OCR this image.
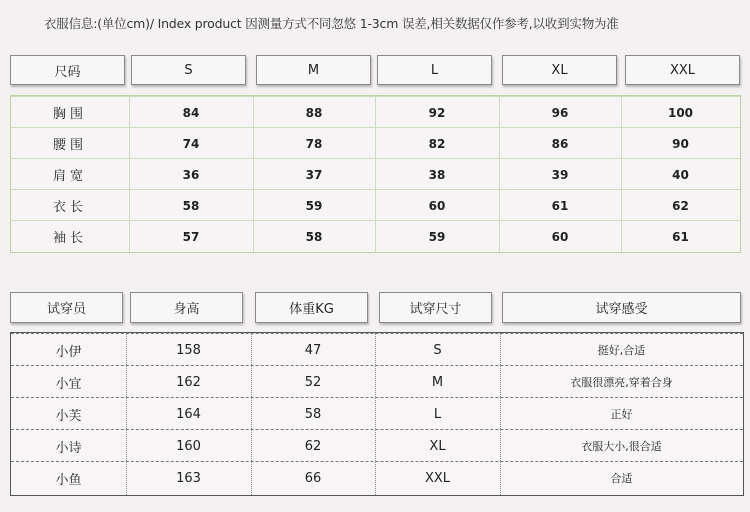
衣服信息:(单位cm)/ Index product 因测量方式不同忽悠 1-3cm 误差,相关数据仅作参考,以收到实物为准
尺码	S	M	L	XL	XXL
胸围	84	88	92	96	100
腰围	74	78	82	86	90
肩宽	36	37	38	39	40
衣长	58	59	60	61	62
袖长	57	58	59	60	61
试穿员	身高	体重KG	试穿尺寸	试穿感受
小伊	158	47	S	挺好,合适
小宜	162	52	M	衣服很漂亮,穿着合身
小芙	164	58	L	正好
小诗	160	62	XL	衣服大小,很合适
小鱼	163	66	XXL	合适
